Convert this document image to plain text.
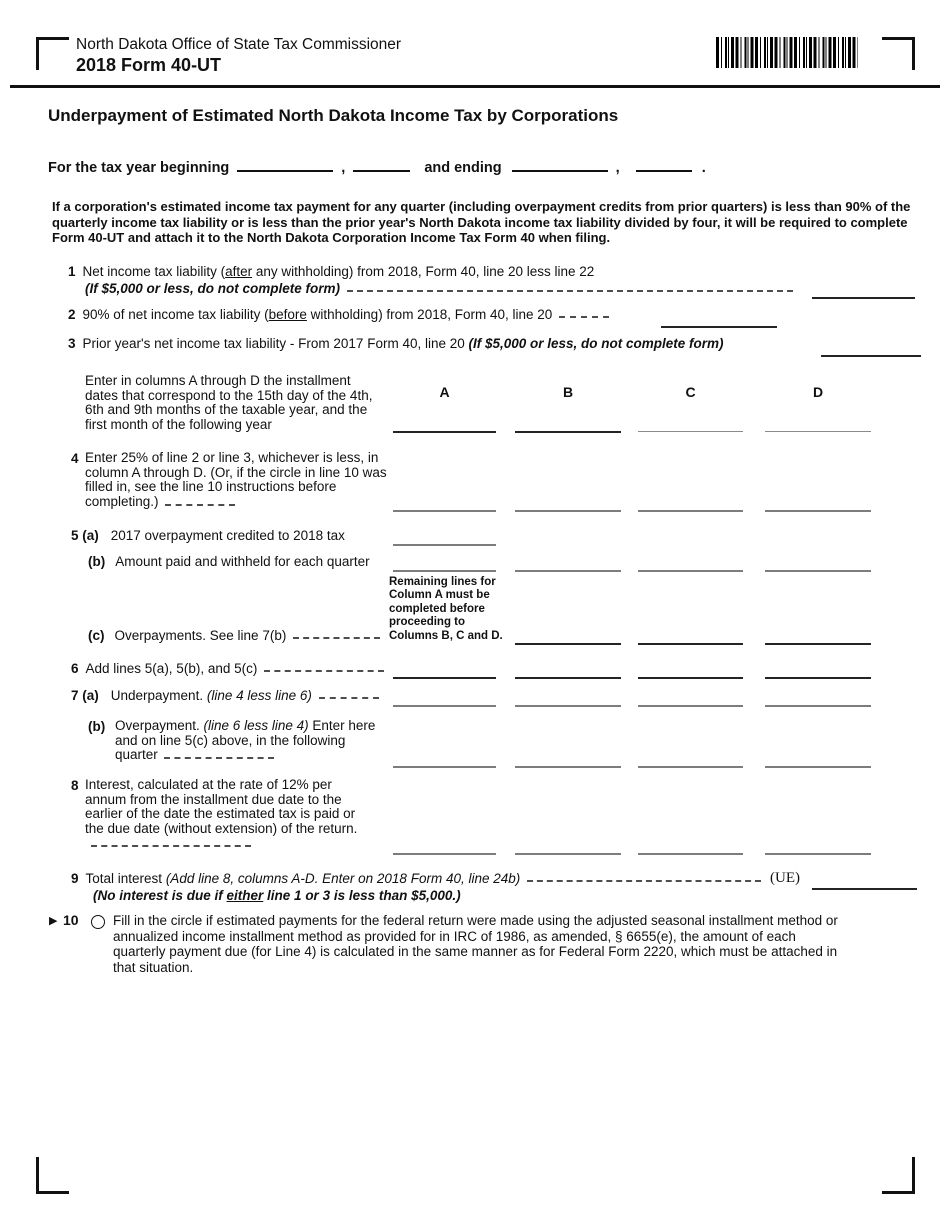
North Dakota Office of State Tax Commissioner
2018 Form 40-UT
Underpayment of Estimated North Dakota Income Tax by Corporations
For the tax year beginning	,	and ending	,	.
If a corporation's estimated income tax payment for any quarter (including overpayment credits from prior quarters) is less than 90% of the quarterly income tax liability or is less than the prior year's North Dakota income tax liability divided by four, it will be required to complete Form 40-UT and attach it to the North Dakota Corporation Income Tax Form 40 when filing.
1 Net income tax liability (after any withholding) from 2018, Form 40, line 20 less line 22
(If $5,000 or less, do not complete form)
2 90% of net income tax liability (before withholding) from 2018, Form 40, line 20
3 Prior year's net income tax liability - From 2017 Form 40, line 20 (If $5,000 or less, do not complete form)
Enter in columns A through D the installment dates that correspond to the 15th day of the 4th, 6th and 9th months of the taxable year, and the first month of the following year
A	B	C	D
4 Enter 25% of line 2 or line 3, whichever is less, in column A through D. (Or, if the circle in line 10 was filled in, see the line 10 instructions before completing.)
5 (a) 2017 overpayment credited to 2018 tax
(b) Amount paid and withheld for each quarter
Remaining lines for Column A must be completed before proceeding to Columns B, C and D.
(c) Overpayments. See line 7(b)
6 Add lines 5(a), 5(b), and 5(c)
7 (a) Underpayment. (line 4 less line 6)
(b) Overpayment. (line 6 less line 4) Enter here and on line 5(c) above, in the following quarter
8 Interest, calculated at the rate of 12% per annum from the installment due date to the earlier of the date the estimated tax is paid or the due date (without extension) of the return.
9 Total interest (Add line 8, columns A-D. Enter on 2018 Form 40, line 24b)	(UE)
(No interest is due if either line 1 or 3 is less than $5,000.)
▶ 10	Fill in the circle if estimated payments for the federal return were made using the adjusted seasonal installment method or annualized income installment method as provided for in IRC of 1986, as amended, § 6655(e), the amount of each quarterly payment due (for Line 4) is calculated in the same manner as for Federal Form 2220, which must be attached in that situation.
